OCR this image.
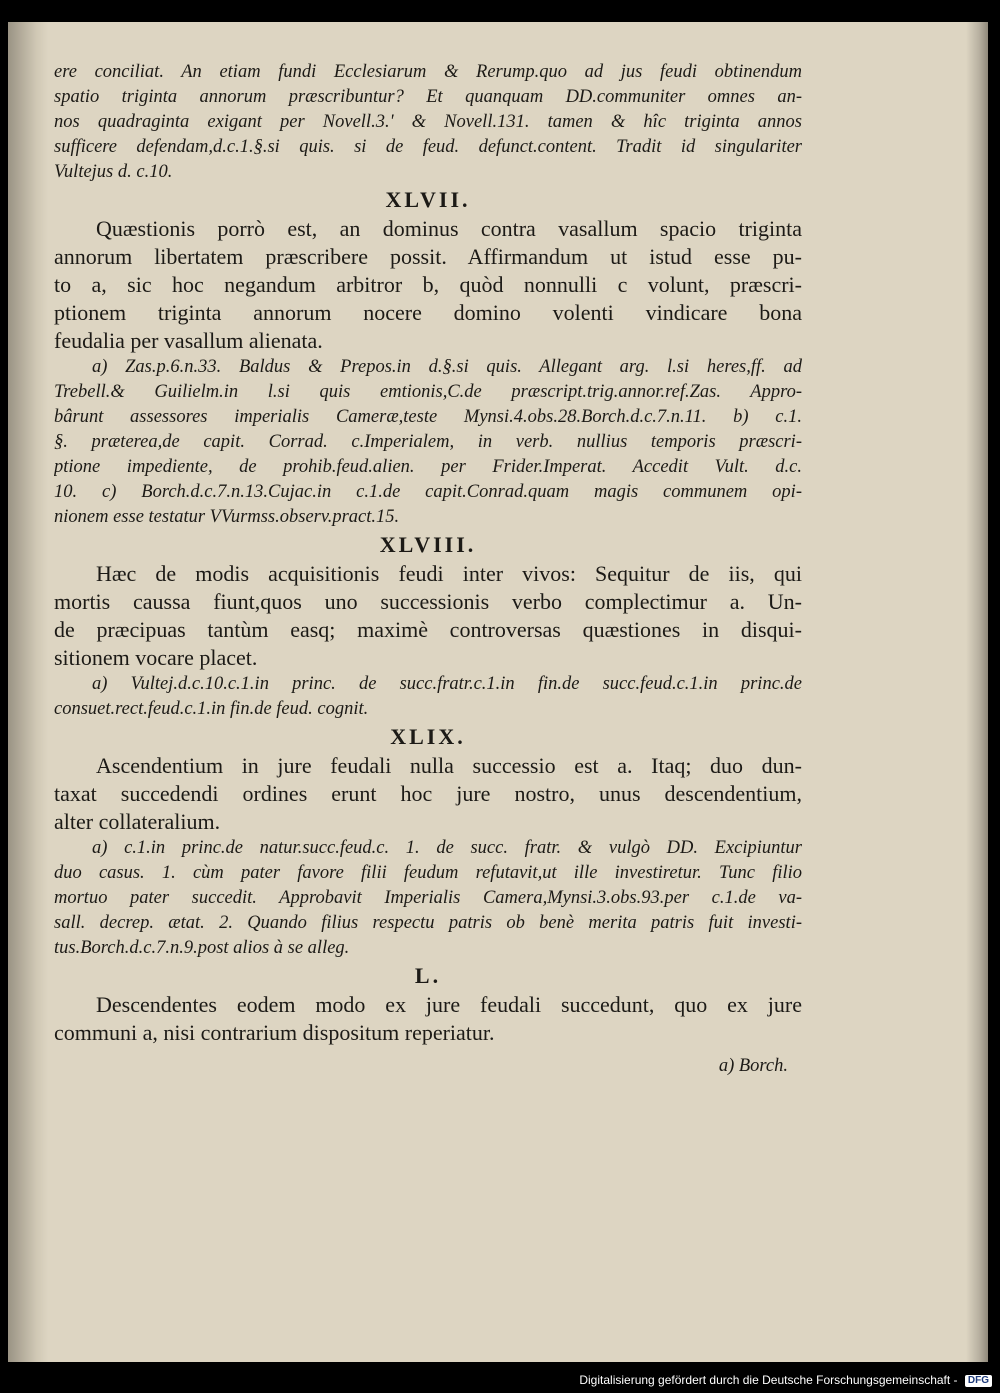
ere conciliat. An etiam fundi Ecclesiarum & Rerump.quo ad jus feudi obtinendum
spatio triginta annorum præscribuntur? Et quanquam DD.communiter omnes an-
nos quadraginta exigant per Novell.3.' & Novell.131. tamen & hîc triginta annos
sufficere defendam,d.c.1.§.si quis. si de feud. defunct.content. Tradit id singulariter
Vultejus d. c.10.
XLVII.
Quæstionis porrò est, an dominus contra vasallum spacio triginta
annorum libertatem præscribere possit. Affirmandum ut istud esse pu-
to a, sic hoc negandum arbitror b, quòd nonnulli c volunt, præscri-
ptionem triginta annorum nocere domino volenti vindicare bona
feudalia per vasallum alienata.
a) Zas.p.6.n.33. Baldus & Prepos.in d.§.si quis. Allegant arg. l.si heres,ff. ad
Trebell.& Guilielm.in l.si quis emtionis,C.de præscript.trig.annor.ref.Zas. Appro-
bârunt assessores imperialis Cameræ,teste Mynsi.4.obs.28.Borch.d.c.7.n.11. b) c.1.
§. præterea,de capit. Corrad. c.Imperialem, in verb. nullius temporis præscri-
ptione impediente, de prohib.feud.alien. per Frider.Imperat. Accedit Vult. d.c.
10. c) Borch.d.c.7.n.13.Cujac.in c.1.de capit.Conrad.quam magis communem opi-
nionem esse testatur VVurmss.observ.pract.15.
XLVIII.
Hæc de modis acquisitionis feudi inter vivos: Sequitur de iis, qui
mortis caussa fiunt,quos uno successionis verbo complectimur a. Un-
de præcipuas tantùm easq; maximè controversas quæstiones in disqui-
sitionem vocare placet.
a) Vultej.d.c.10.c.1.in princ. de succ.fratr.c.1.in fin.de succ.feud.c.1.in princ.de
consuet.rect.feud.c.1.in fin.de feud. cognit.
XLIX.
Ascendentium in jure feudali nulla successio est a. Itaq; duo dun-
taxat succedendi ordines erunt hoc jure nostro, unus descendentium,
alter collateralium.
a) c.1.in princ.de natur.succ.feud.c. 1. de succ. fratr. & vulgò DD. Excipiuntur
duo casus. 1. cùm pater favore filii feudum refutavit,ut ille investiretur. Tunc filio
mortuo pater succedit. Approbavit Imperialis Camera,Mynsi.3.obs.93.per c.1.de va-
sall. decrep. ætat. 2. Quando filius respectu patris ob benè merita patris fuit investi-
tus.Borch.d.c.7.n.9.post alios à se alleg.
L.
Descendentes eodem modo ex jure feudali succedunt, quo ex jure
communi a, nisi contrarium dispositum reperiatur.
a) Borch.
Digitalisierung gefördert durch die Deutsche Forschungsgemeinschaft - DFG
